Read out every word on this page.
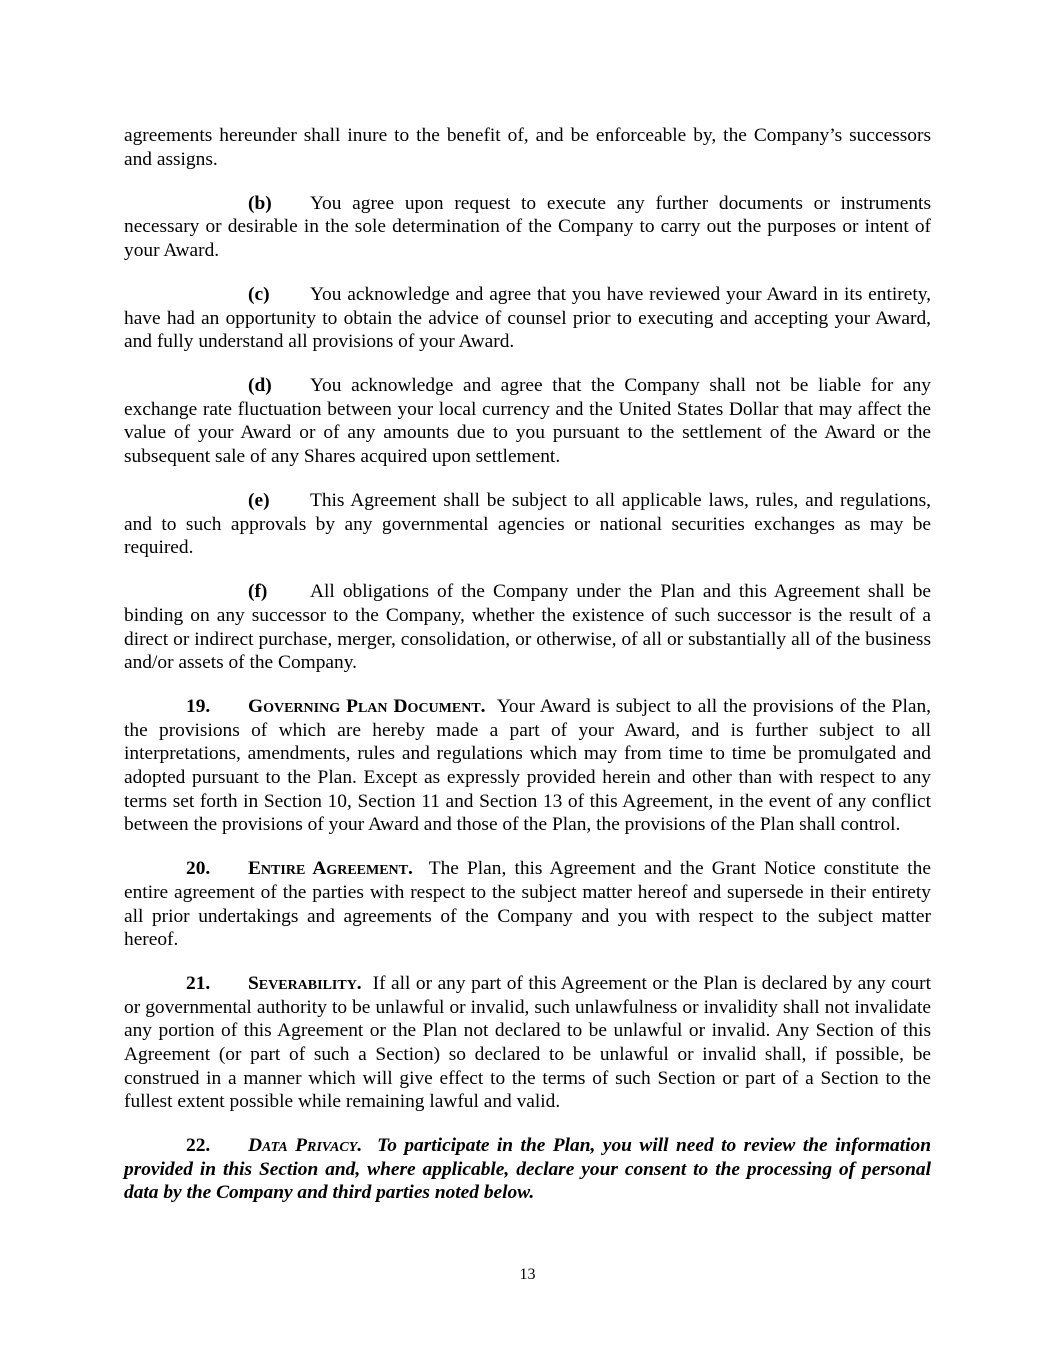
agreements hereunder shall inure to the benefit of, and be enforceable by, the Company’s successors and assigns.

(b) You agree upon request to execute any further documents or instruments necessary or desirable in the sole determination of the Company to carry out the purposes or intent of your Award.

(c) You acknowledge and agree that you have reviewed your Award in its entirety, have had an opportunity to obtain the advice of counsel prior to executing and accepting your Award, and fully understand all provisions of your Award.

(d) You acknowledge and agree that the Company shall not be liable for any exchange rate fluctuation between your local currency and the United States Dollar that may affect the value of your Award or of any amounts due to you pursuant to the settlement of the Award or the subsequent sale of any Shares acquired upon settlement.

(e) This Agreement shall be subject to all applicable laws, rules, and regulations, and to such approvals by any governmental agencies or national securities exchanges as may be required.

(f) All obligations of the Company under the Plan and this Agreement shall be binding on any successor to the Company, whether the existence of such successor is the result of a direct or indirect purchase, merger, consolidation, or otherwise, of all or substantially all of the business and/or assets of the Company.

19. Governing Plan Document. Your Award is subject to all the provisions of the Plan, the provisions of which are hereby made a part of your Award, and is further subject to all interpretations, amendments, rules and regulations which may from time to time be promulgated and adopted pursuant to the Plan. Except as expressly provided herein and other than with respect to any terms set forth in Section 10, Section 11 and Section 13 of this Agreement, in the event of any conflict between the provisions of your Award and those of the Plan, the provisions of the Plan shall control.

20. Entire Agreement. The Plan, this Agreement and the Grant Notice constitute the entire agreement of the parties with respect to the subject matter hereof and supersede in their entirety all prior undertakings and agreements of the Company and you with respect to the subject matter hereof.

21. Severability. If all or any part of this Agreement or the Plan is declared by any court or governmental authority to be unlawful or invalid, such unlawfulness or invalidity shall not invalidate any portion of this Agreement or the Plan not declared to be unlawful or invalid. Any Section of this Agreement (or part of such a Section) so declared to be unlawful or invalid shall, if possible, be construed in a manner which will give effect to the terms of such Section or part of a Section to the fullest extent possible while remaining lawful and valid.

22. Data Privacy. To participate in the Plan, you will need to review the information provided in this Section and, where applicable, declare your consent to the processing of personal data by the Company and third parties noted below.

13
